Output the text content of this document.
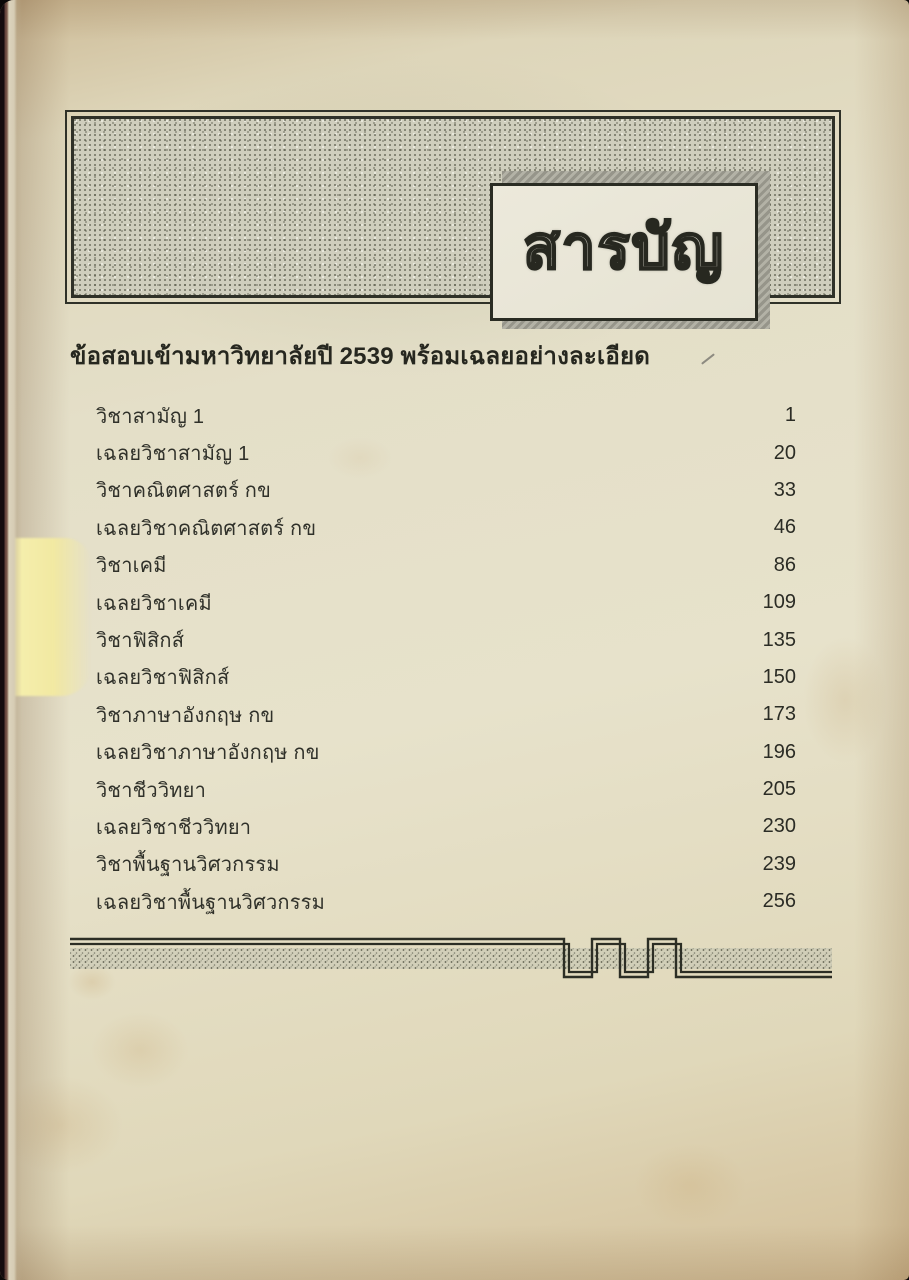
สารบัญ
ข้อสอบเข้ามหาวิทยาลัยปี 2539 พร้อมเฉลยอย่างละเอียด
วิชาสามัญ 1	1
เฉลยวิชาสามัญ 1	20
วิชาคณิตศาสตร์ กข	33
เฉลยวิชาคณิตศาสตร์ กข	46
วิชาเคมี	86
เฉลยวิชาเคมี	109
วิชาฟิสิกส์	135
เฉลยวิชาฟิสิกส์	150
วิชาภาษาอังกฤษ กข	173
เฉลยวิชาภาษาอังกฤษ กข	196
วิชาชีววิทยา	205
เฉลยวิชาชีววิทยา	230
วิชาพื้นฐานวิศวกรรม	239
เฉลยวิชาพื้นฐานวิศวกรรม	256
